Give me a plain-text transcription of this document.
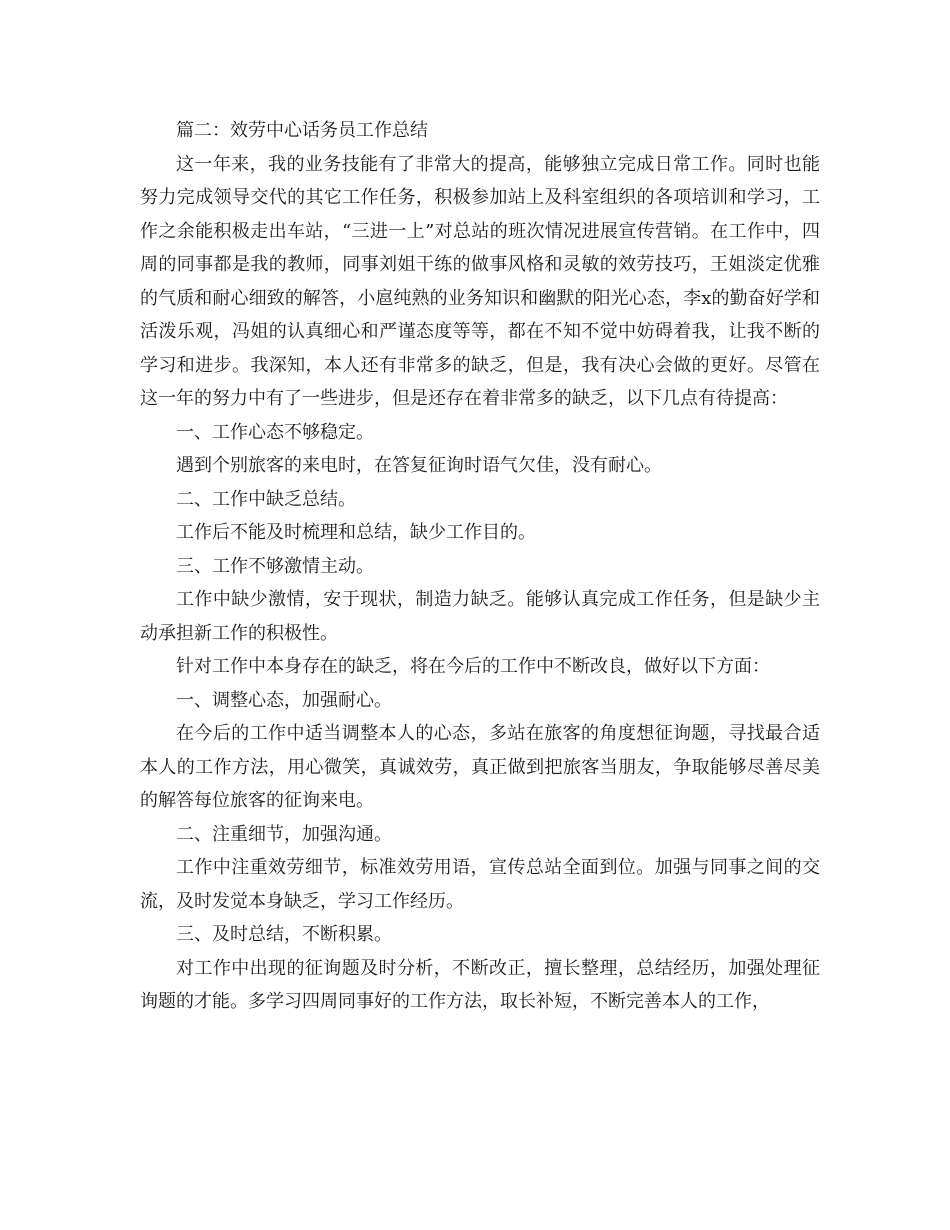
篇二：效劳中心话务员工作总结

这一年来，我的业务技能有了非常大的提高，能够独立完成日常工作。同时也能努力完成领导交代的其它工作任务，积极参加站上及科室组织的各项培训和学习，工作之余能积极走出车站，“三进一上”对总站的班次情况进展宣传营销。在工作中，四周的同事都是我的教师，同事刘姐干练的做事风格和灵敏的效劳技巧，王姐淡定优雅的气质和耐心细致的解答，小扈纯熟的业务知识和幽默的阳光心态，李x的勤奋好学和活泼乐观，冯姐的认真细心和严谨态度等等，都在不知不觉中妨碍着我，让我不断的学习和进步。我深知，本人还有非常多的缺乏，但是，我有决心会做的更好。尽管在这一年的努力中有了一些进步，但是还存在着非常多的缺乏，以下几点有待提高：

一、工作心态不够稳定。

遇到个别旅客的来电时，在答复征询时语气欠佳，没有耐心。

二、工作中缺乏总结。

工作后不能及时梳理和总结，缺少工作目的。

三、工作不够激情主动。

工作中缺少激情，安于现状，制造力缺乏。能够认真完成工作任务，但是缺少主动承担新工作的积极性。

针对工作中本身存在的缺乏，将在今后的工作中不断改良，做好以下方面：

一、调整心态，加强耐心。

在今后的工作中适当调整本人的心态，多站在旅客的角度想征询题，寻找最合适本人的工作方法，用心微笑，真诚效劳，真正做到把旅客当朋友，争取能够尽善尽美的解答每位旅客的征询来电。

二、注重细节，加强沟通。

工作中注重效劳细节，标准效劳用语，宣传总站全面到位。加强与同事之间的交流，及时发觉本身缺乏，学习工作经历。

三、及时总结，不断积累。

对工作中出现的征询题及时分析，不断改正，擅长整理，总结经历，加强处理征询题的才能。多学习四周同事好的工作方法，取长补短，不断完善本人的工作，
